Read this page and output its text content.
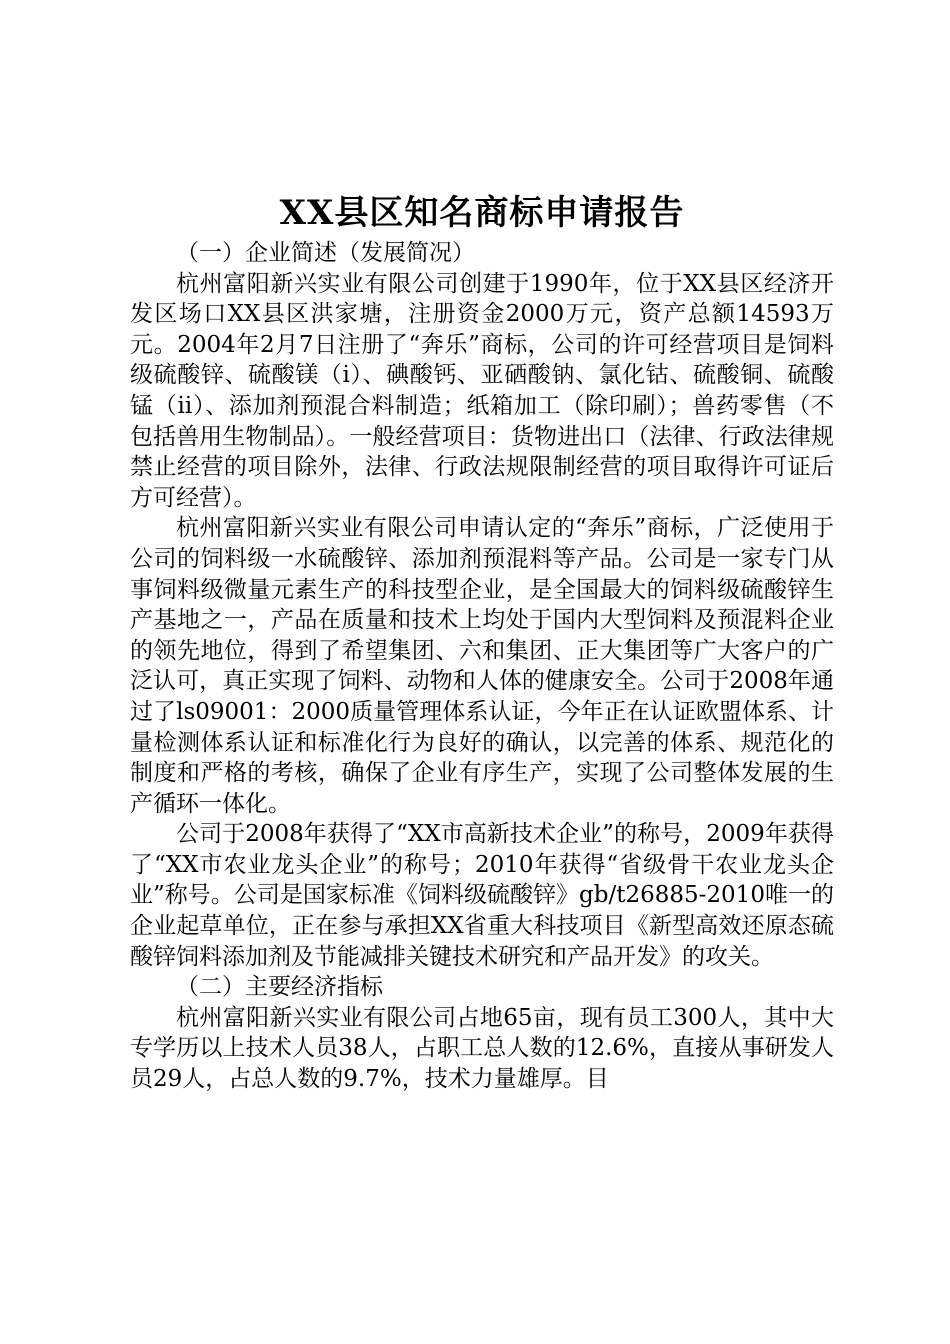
XX县区知名商标申请报告

（一）企业简述（发展简况）

杭州富阳新兴实业有限公司创建于1990年，位于XX县区经济开发区场口XX县区洪家塘，注册资金2000万元，资产总额14593万元。2004年2月7日注册了“奔乐”商标，公司的许可经营项目是饲料级硫酸锌、硫酸镁（i）、碘酸钙、亚硒酸钠、氯化钴、硫酸铜、硫酸锰（ii）、添加剂预混合料制造；纸箱加工（除印刷）；兽药零售（不包括兽用生物制品）。一般经营项目：货物进出口（法律、行政法律规禁止经营的项目除外，法律、行政法规限制经营的项目取得许可证后方可经营）。

杭州富阳新兴实业有限公司申请认定的“奔乐”商标，广泛使用于公司的饲料级一水硫酸锌、添加剂预混料等产品。公司是一家专门从事饲料级微量元素生产的科技型企业，是全国最大的饲料级硫酸锌生产基地之一，产品在质量和技术上均处于国内大型饲料及预混料企业的领先地位，得到了希望集团、六和集团、正大集团等广大客户的广泛认可，真正实现了饲料、动物和人体的健康安全。公司于2008年通过了ls09001：2000质量管理体系认证，今年正在认证欧盟体系、计量检测体系认证和标准化行为良好的确认，以完善的体系、规范化的制度和严格的考核，确保了企业有序生产，实现了公司整体发展的生产循环一体化。

公司于2008年获得了“XX市高新技术企业”的称号，2009年获得了“XX市农业龙头企业”的称号；2010年获得“省级骨干农业龙头企业”称号。公司是国家标准《饲料级硫酸锌》gb/t26885-2010唯一的企业起草单位，正在参与承担XX省重大科技项目《新型高效还原态硫酸锌饲料添加剂及节能减排关键技术研究和产品开发》的攻关。

（二）主要经济指标

杭州富阳新兴实业有限公司占地65亩，现有员工300人，其中大专学历以上技术人员38人，占职工总人数的12.6%，直接从事研发人员29人，占总人数的9.7%，技术力量雄厚。目
